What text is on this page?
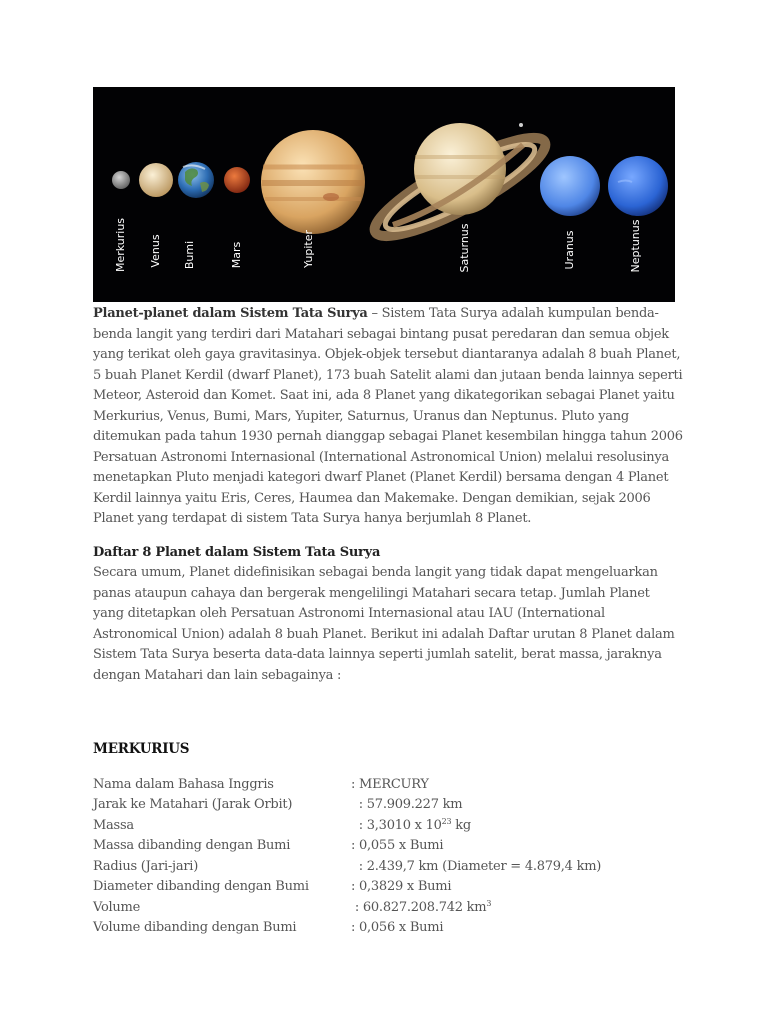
Merkurius Venus Bumi	Mars	Yupiter	Saturnus	Uranus	Neptunus

Planet-planet dalam Sistem Tata Surya – Sistem Tata Surya adalah kumpulan benda-benda langit yang terdiri dari Matahari sebagai bintang pusat peredaran dan semua objek yang terikat oleh gaya gravitasinya. Objek-objek tersebut diantaranya adalah 8 buah Planet, 5 buah Planet Kerdil (dwarf Planet), 173 buah Satelit alami dan jutaan benda lainnya seperti Meteor, Asteroid dan Komet. Saat ini, ada 8 Planet yang dikategorikan sebagai Planet yaitu Merkurius, Venus, Bumi, Mars, Yupiter, Saturnus, Uranus dan Neptunus. Pluto yang ditemukan pada tahun 1930 pernah dianggap sebagai Planet kesembilan hingga tahun 2006 Persatuan Astronomi Internasional (International Astronomical Union) melalui resolusinya menetapkan Pluto menjadi kategori dwarf Planet (Planet Kerdil) bersama dengan 4 Planet Kerdil lainnya yaitu Eris, Ceres, Haumea dan Makemake. Dengan demikian, sejak 2006 Planet yang terdapat di sistem Tata Surya hanya berjumlah 8 Planet.

Daftar 8 Planet dalam Sistem Tata Surya

Secara umum, Planet didefinisikan sebagai benda langit yang tidak dapat mengeluarkan panas ataupun cahaya dan bergerak mengelilingi Matahari secara tetap. Jumlah Planet yang ditetapkan oleh Persatuan Astronomi Internasional atau IAU (International Astronomical Union) adalah 8 buah Planet. Berikut ini adalah Daftar urutan 8 Planet dalam Sistem Tata Surya beserta data-data lainnya seperti jumlah satelit, berat massa, jaraknya dengan Matahari dan lain sebagainya :

MERKURIUS

Nama dalam Bahasa Inggris	: MERCURY
Jarak ke Matahari (Jarak Orbit)	: 57.909.227 km
Massa	: 3,3010 x $10^{23}$ kg
Massa dibanding dengan Bumi	: 0,055 x Bumi
Radius (Jari-jari)	: 2.439,7 km (Diameter = 4.879,4 km)
Diameter dibanding dengan Bumi	: 0,3829 x Bumi
Volume	: 60.827.208.742 $km^3$
Volume dibanding dengan Bumi	: 0,056 x Bumi
